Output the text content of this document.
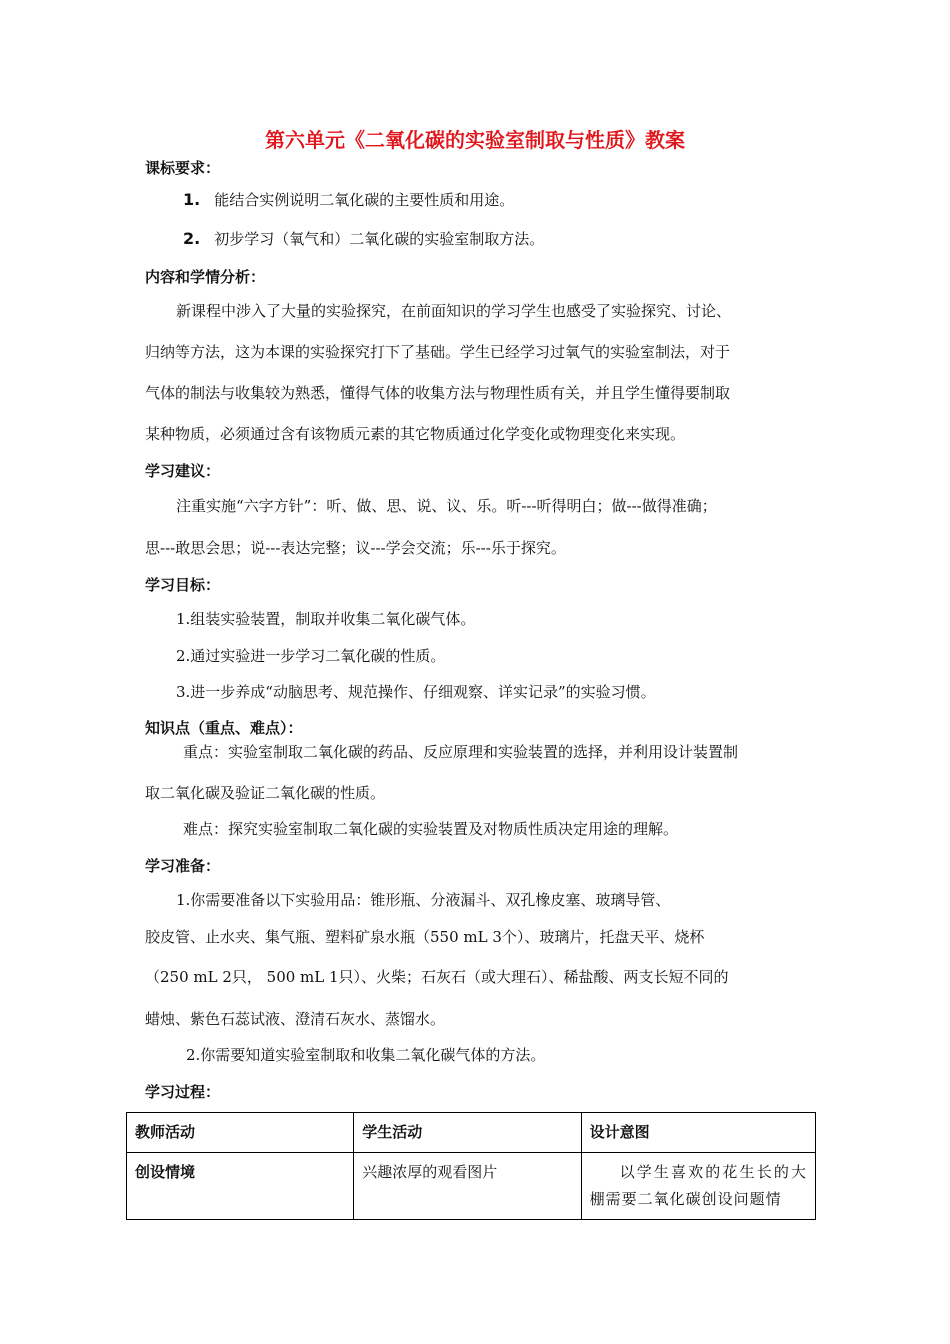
第六单元《二氧化碳的实验室制取与性质》教案
课标要求：
1. 能结合实例说明二氧化碳的主要性质和用途。
2. 初步学习（氧气和）二氧化碳的实验室制取方法。
内容和学情分析：
新课程中涉入了大量的实验探究，在前面知识的学习学生也感受了实验探究、讨论、
归纳等方法，这为本课的实验探究打下了基础。学生已经学习过氧气的实验室制法，对于
气体的制法与收集较为熟悉，懂得气体的收集方法与物理性质有关，并且学生懂得要制取
某种物质，必须通过含有该物质元素的其它物质通过化学变化或物理变化来实现。
学习建议：
注重实施“六字方针”：听、做、思、说、议、乐。听---听得明白；做---做得准确；
思---敢思会思；说---表达完整；议---学会交流；乐---乐于探究。
学习目标：
1.组装实验装置，制取并收集二氧化碳气体。
2.通过实验进一步学习二氧化碳的性质。
3.进一步养成“动脑思考、规范操作、仔细观察、详实记录”的实验习惯。
知识点（重点、难点）：
重点：实验室制取二氧化碳的药品、反应原理和实验装置的选择，并利用设计装置制
取二氧化碳及验证二氧化碳的性质。
难点：探究实验室制取二氧化碳的实验装置及对物质性质决定用途的理解。
学习准备：
1.你需要准备以下实验用品：锥形瓶、分液漏斗、双孔橡皮塞、玻璃导管、
胶皮管、止水夹、集气瓶、塑料矿泉水瓶（550 mL 3个）、玻璃片，托盘天平、烧杯
（250 mL 2只， 500 mL 1只）、火柴；石灰石（或大理石）、稀盐酸、两支长短不同的
蜡烛、紫色石蕊试液、澄清石灰水、蒸馏水。
2.你需要知道实验室制取和收集二氧化碳气体的方法。
学习过程：
教师活动	学生活动	设计意图
创设情境	兴趣浓厚的观看图片	以学生喜欢的花生长的大棚需要二氧化碳创设问题情
